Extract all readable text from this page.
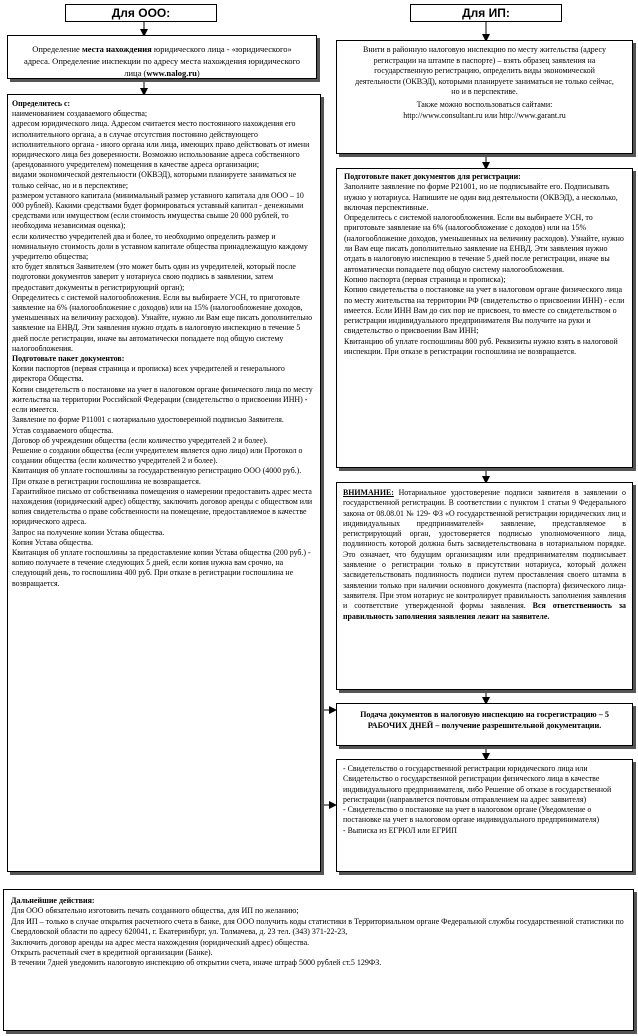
Для ООО:	Для ИП:
Определение места нахождения юридического лица - «юридического» адреса. Определение инспекции по адресу места нахождения юридического лица (www.nalog.ru)
Внити в районную налоговую инспекцию по месту жительства (адресу регистрации на штампе в паспорте) – взять образец заявления на государственную регистрацию, определить виды экономической деятельности (ОКВЭД), которыми планируете заниматься не только сейчас, но и в перспективе.
Также можно воспользоваться сайтами:
http://www.consultant.ru или http://www.garant.ru
Определитесь с:
наименованием создаваемого общества;
адресом юридического лица. Адресом считается место постоянного нахождения его исполнительного органа, а в случае отсутствия постоянно действующего исполнительного органа - иного органа или лица, имеющих право действовать от имени юридического лица без доверенности. Возможно использование адреса собственного (арендованного учредителем) помещения в качестве адреса организации;
видами экономической деятельности (ОКВЭД), которыми планируете заниматься не только сейчас, но и в перспективе;
размером уставного капитала (минимальный размер уставного капитала для ООО – 10 000 рублей). Какими средствами будет формироваться уставный капитал - денежными средствами или имуществом (если стоимость имущества свыше 20 000 рублей, то необходима независимая оценка);
если количество учредителей два и более, то необходимо определить размер и номинальную стоимость доли в уставном капитале общества принадлежащую каждому учредителю общества;
кто будет являться Заявителем (это может быть один из учредителей, который после подготовки документов заверит у нотариуса свою подпись в заявлении, затем предоставит документы в регистрирующий орган);
Определитесь с системой налогообложения. Если вы выбираете УСН, то приготовьте заявление на 6% (налогообложение с доходов) или на 15% (налогообложение доходов, уменьшенных на величину расходов). Узнайте, нужно ли Вам еще писать дополнительно заявление на ЕНВД. Эти заявления нужно отдать в налоговую инспекцию в течение 5 дней после регистрации, иначе вы автоматически попадаете под общую систему налогообложения.
Подготовьте пакет документов:
Копии паспортов (первая страница и прописка) всех учредителей и генерального директора Общества.
Копии свидетельств о постановке на учет в налоговом органе физического лица по месту жительства на территории Российской Федерации (свидетельство о присвоении ИНН) - если имеется.
Заявление по форме Р11001 с нотариально удостоверенной подписью Заявителя.
Устав создаваемого общества.
Договор об учреждении общества (если количество учредителей 2 и более).
Решение о создании общества (если учредителем является одно лицо) или Протокол о создании общества (если количество учредителей 2 и более).
Квитанция об уплате госпошлины за государственную регистрацию ООО (4000 руб.). При отказе в регистрации госпошлина не возвращается.
Гарантийное письмо от собственника помещения о намерении предоставить адрес места нахождения (юридический адрес) обществу, заключить договор аренды с обществом или копия свидетельства о праве собственности на помещение, предоставляемое в качестве юридического адреса.
Запрос на получение копии Устава общества.
Копия Устава общества.
Квитанция об уплате госпошлины за предоставление копии Устава общества (200 руб.) - копию получаете в течение следующих 5 дней, если копия нужна вам срочно, на следующий день, то госпошлина 400 руб. При отказе в регистрации госпошлина не возвращается.
Подготовьте пакет документов для регистрации:
Заполните заявление по форме Р21001, но не подписывайте его. Подписывать нужно у нотариуса. Напишите не один вид деятельности (ОКВЭД), а несколько, включая перспективные.
Определитесь с системой налогообложения. Если вы выбираете УСН, то приготовьте заявление на 6% (налогообложение с доходов) или на 15% (налогообложение доходов, уменьшенных на величину расходов). Узнайте, нужно ли Вам еще писать дополнительно заявление на ЕНВД. Эти заявления нужно отдать в налоговую инспекцию в течение 5 дней после регистрации, иначе вы автоматически попадаете под общую систему налогообложения.
Копию паспорта (первая страница и прописка);
Копию свидетельства о постановке на учет в налоговом органе физического лица по месту жительства на территории РФ (свидетельство о присвоении ИНН) - если имеется. Если ИНН Вам до сих пор не присвоен, то вместе со свидетельством о регистрации индивидуального предпринимателя Вы получите на руки и свидетельство о присвоении Вам ИНН;
Квитанцию об уплате госпошлины 800 руб. Реквизиты нужно взять в налоговой инспекции. При отказе в регистрации госпошлина не возвращается.
ВНИМАНИЕ: Нотариальное удостоверение подписи заявителя в заявлении о государственной регистрации. В соответствии с пунктом 1 статьи 9 Федерального закона от 08.08.01 № 129- ФЗ «О государственной регистрации юридических лиц и индивидуальных предпринимателей» заявление, представляемое в регистрирующий орган, удостоверяется подписью уполномоченного лица, подлинность которой должна быть засвидетельствована в нотариальном порядке. Это означает, что будущим организациям или предпринимателям подписывает заявление о регистрации только в присутствии нотариуса, который должен засвидетельствовать подлинность подписи путем проставления своего штампа в заявлении только при наличии основного документа (паспорта) физического лица-заявителя. При этом нотариус не контролирует правильность заполнения заявления и соответствие утвержденной формы заявления. Вся ответственность за правильность заполнения заявления лежит на заявителе.
Подача документов в налоговую инспекцию на госрегистрацию – 5 РАБОЧИХ ДНЕЙ – получение разрешительной документации.
- Свидетельство о государственной регистрации юридического лица или Свидетельство о государственной регистрации физического лица в качестве индивидуального предпринимателя, либо Решение об отказе в государственной регистрации (направляется почтовым отправлением на адрес заявителя)
- Свидетельство о постановке на учет в налоговом органе (Уведомление о постановке на учет в налоговом органе индивидуального предпринимателя)
- Выписка из ЕГРЮЛ или ЕГРИП
Дальнейшие действия:
Для ООО обязательно изготовить печать созданного общества, для ИП по желанию;
Для ИП – только в случае открытия расчетного счета в банке, для ООО получить коды статистики в Территориальном органе Федеральной службы государственной статистики по Свердловской области по адресу 620041, г. Екатеринбург, ул. Толмачева, д. 23 тел. (343) 371-22-23,
Заключить договор аренды на адрес места нахождения (юридический адрес) общества.
Открыть расчетный счет в кредитной организации (Банке).
В течении 7дней уведомить налоговую инспекцию об открытии счета, иначе штраф 5000 рублей ст.5 129ФЗ.
